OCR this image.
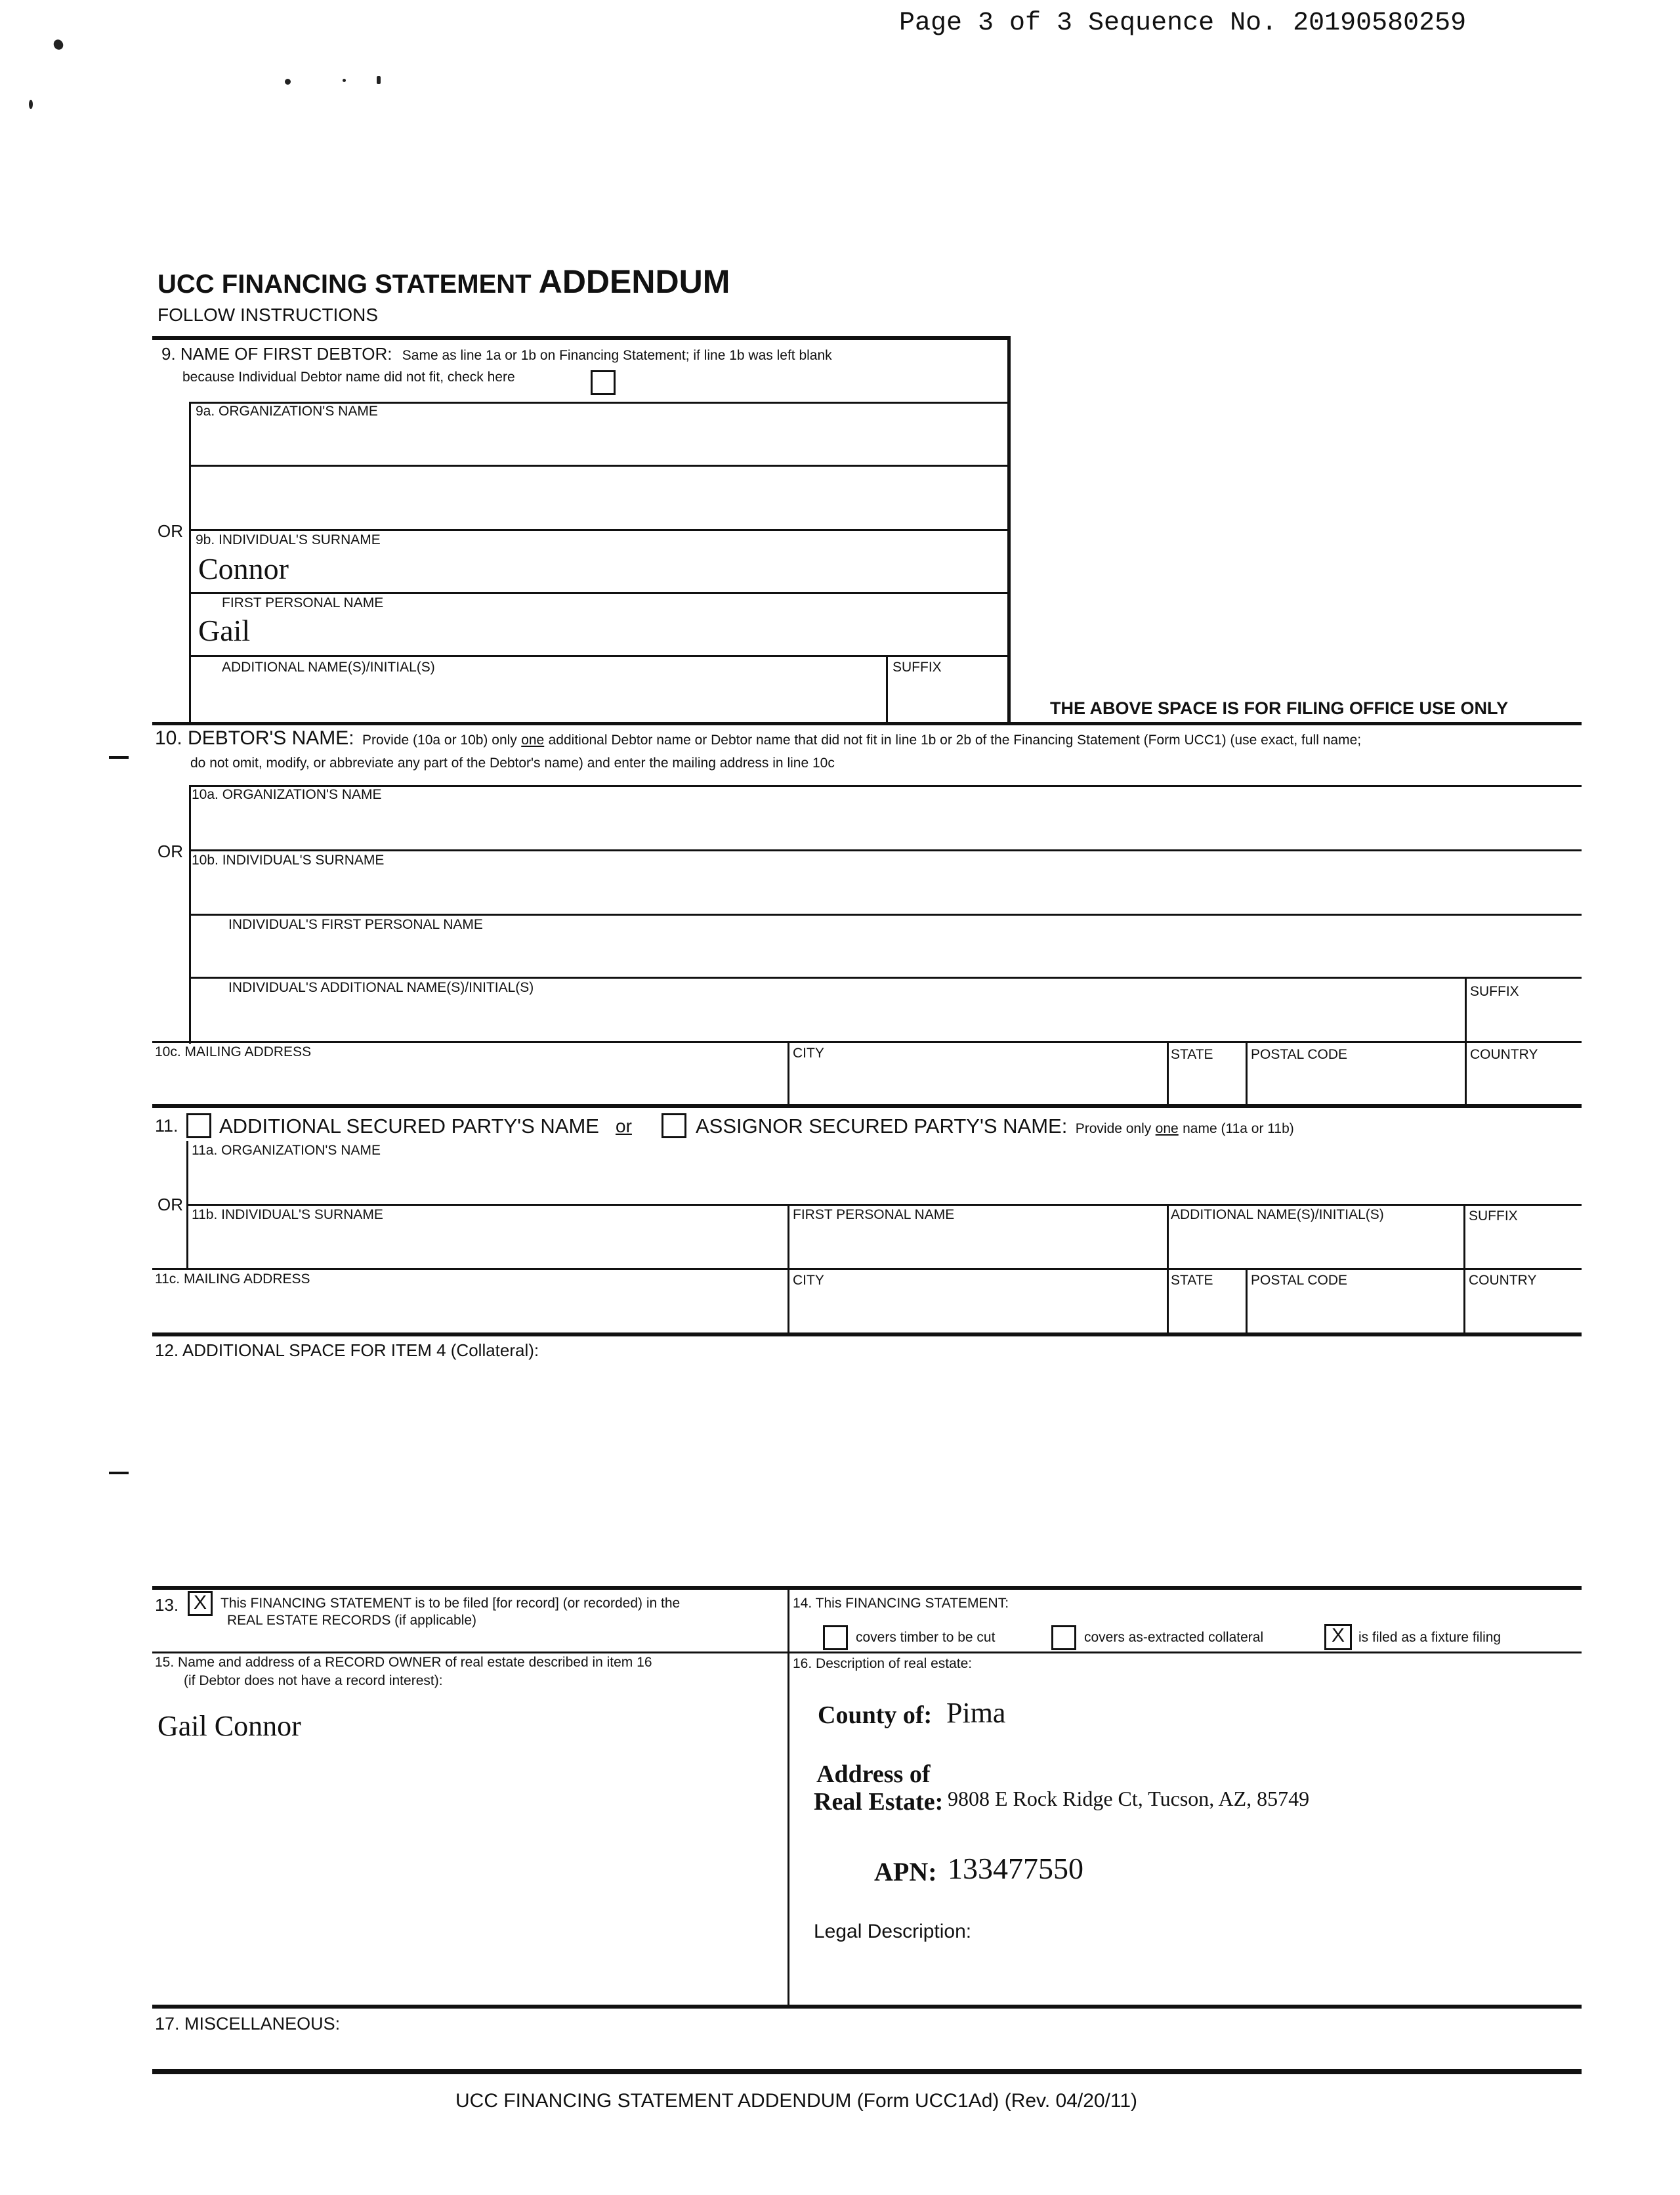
Page 3 of 3 Sequence No. 20190580259
UCC FINANCING STATEMENT ADDENDUM
FOLLOW INSTRUCTIONS
9. NAME OF FIRST DEBTOR: Same as line 1a or 1b on Financing Statement; if line 1b was left blank
because Individual Debtor name did not fit, check here
9a. ORGANIZATION'S NAME
OR 9b. INDIVIDUAL'S SURNAME
Connor
FIRST PERSONAL NAME
Gail
ADDITIONAL NAME(S)/INITIAL(S)	SUFFIX
THE ABOVE SPACE IS FOR FILING OFFICE USE ONLY
10. DEBTOR'S NAME: Provide (10a or 10b) only one additional Debtor name or Debtor name that did not fit in line 1b or 2b of the Financing Statement (Form UCC1) (use exact, full name;
do not omit, modify, or abbreviate any part of the Debtor's name) and enter the mailing address in line 10c
10a. ORGANIZATION'S NAME
OR 10b. INDIVIDUAL'S SURNAME
INDIVIDUAL'S FIRST PERSONAL NAME
INDIVIDUAL'S ADDITIONAL NAME(S)/INITIAL(S)	SUFFIX
10c. MAILING ADDRESS	CITY	STATE	POSTAL CODE	COUNTRY
11. ADDITIONAL SECURED PARTY'S NAME or	ASSIGNOR SECURED PARTY'S NAME: Provide only one name (11a or 11b)
11a. ORGANIZATION'S NAME
OR
11b. INDIVIDUAL'S SURNAME	FIRST PERSONAL NAME	ADDITIONAL NAME(S)/INITIAL(S)	SUFFIX
11c. MAILING ADDRESS	CITY	STATE	POSTAL CODE	COUNTRY
12. ADDITIONAL SPACE FOR ITEM 4 (Collateral):
13. X This FINANCING STATEMENT is to be filed [for record] (or recorded) in the
REAL ESTATE RECORDS (if applicable)
14. This FINANCING STATEMENT:
covers timber to be cut	covers as-extracted collateral	X	is filed as a fixture filing
15. Name and address of a RECORD OWNER of real estate described in item 16
(if Debtor does not have a record interest):
Gail Connor
16. Description of real estate:
County of: Pima
Address of
Real Estate: 9808 E Rock Ridge Ct, Tucson, AZ, 85749
APN: 133477550
Legal Description:
17. MISCELLANEOUS:
UCC FINANCING STATEMENT ADDENDUM (Form UCC1Ad) (Rev. 04/20/11)
